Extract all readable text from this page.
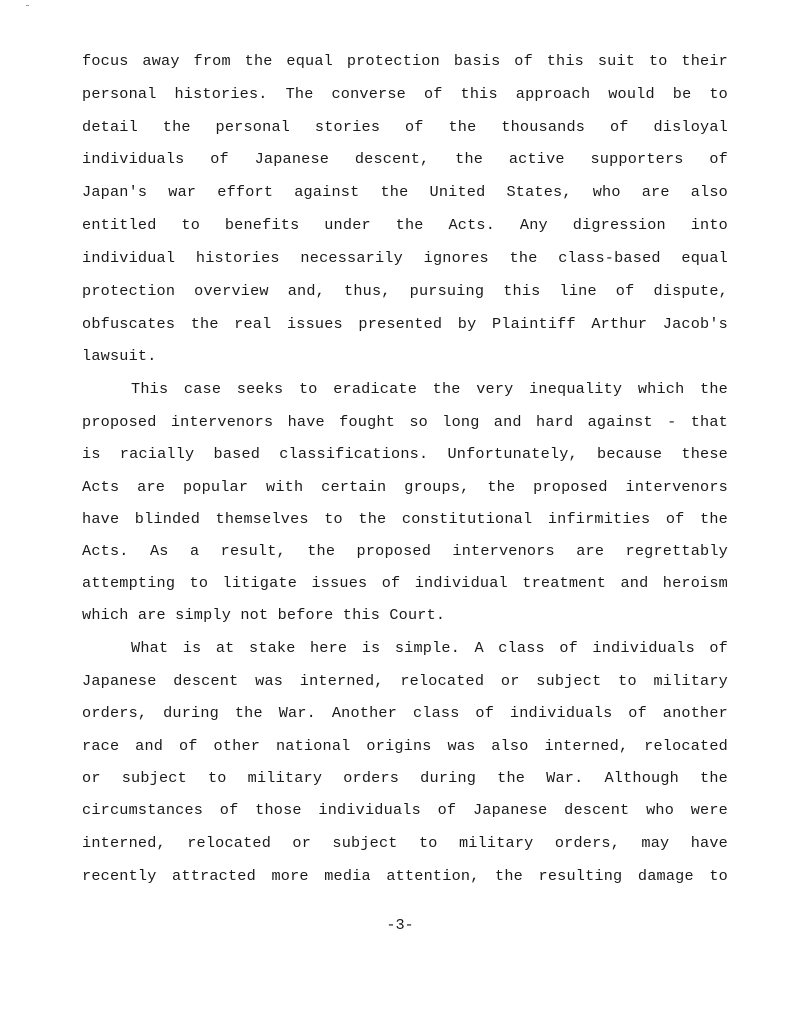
focus away from the equal protection basis of this suit to their
personal histories. The converse of this approach would be to
detail the personal stories of the thousands of disloyal
individuals of Japanese descent, the active supporters of
Japan's war effort against the United States, who are also
entitled to benefits under the Acts. Any digression into
individual histories necessarily ignores the class-based equal
protection overview and, thus, pursuing this line of dispute,
obfuscates the real issues presented by Plaintiff Arthur Jacob's
lawsuit.
This case seeks to eradicate the very inequality which the
proposed intervenors have fought so long and hard against - that
is racially based classifications. Unfortunately, because these
Acts are popular with certain groups, the proposed intervenors
have blinded themselves to the constitutional infirmities of the
Acts. As a result, the proposed intervenors are regrettably
attempting to litigate issues of individual treatment and heroism
which are simply not before this Court.
What is at stake here is simple. A class of individuals of
Japanese descent was interned, relocated or subject to military
orders, during the War. Another class of individuals of another
race and of other national origins was also interned, relocated
or subject to military orders during the War. Although the
circumstances of those individuals of Japanese descent who were
interned, relocated or subject to military orders, may have
recently attracted more media attention, the resulting damage to
-3-
